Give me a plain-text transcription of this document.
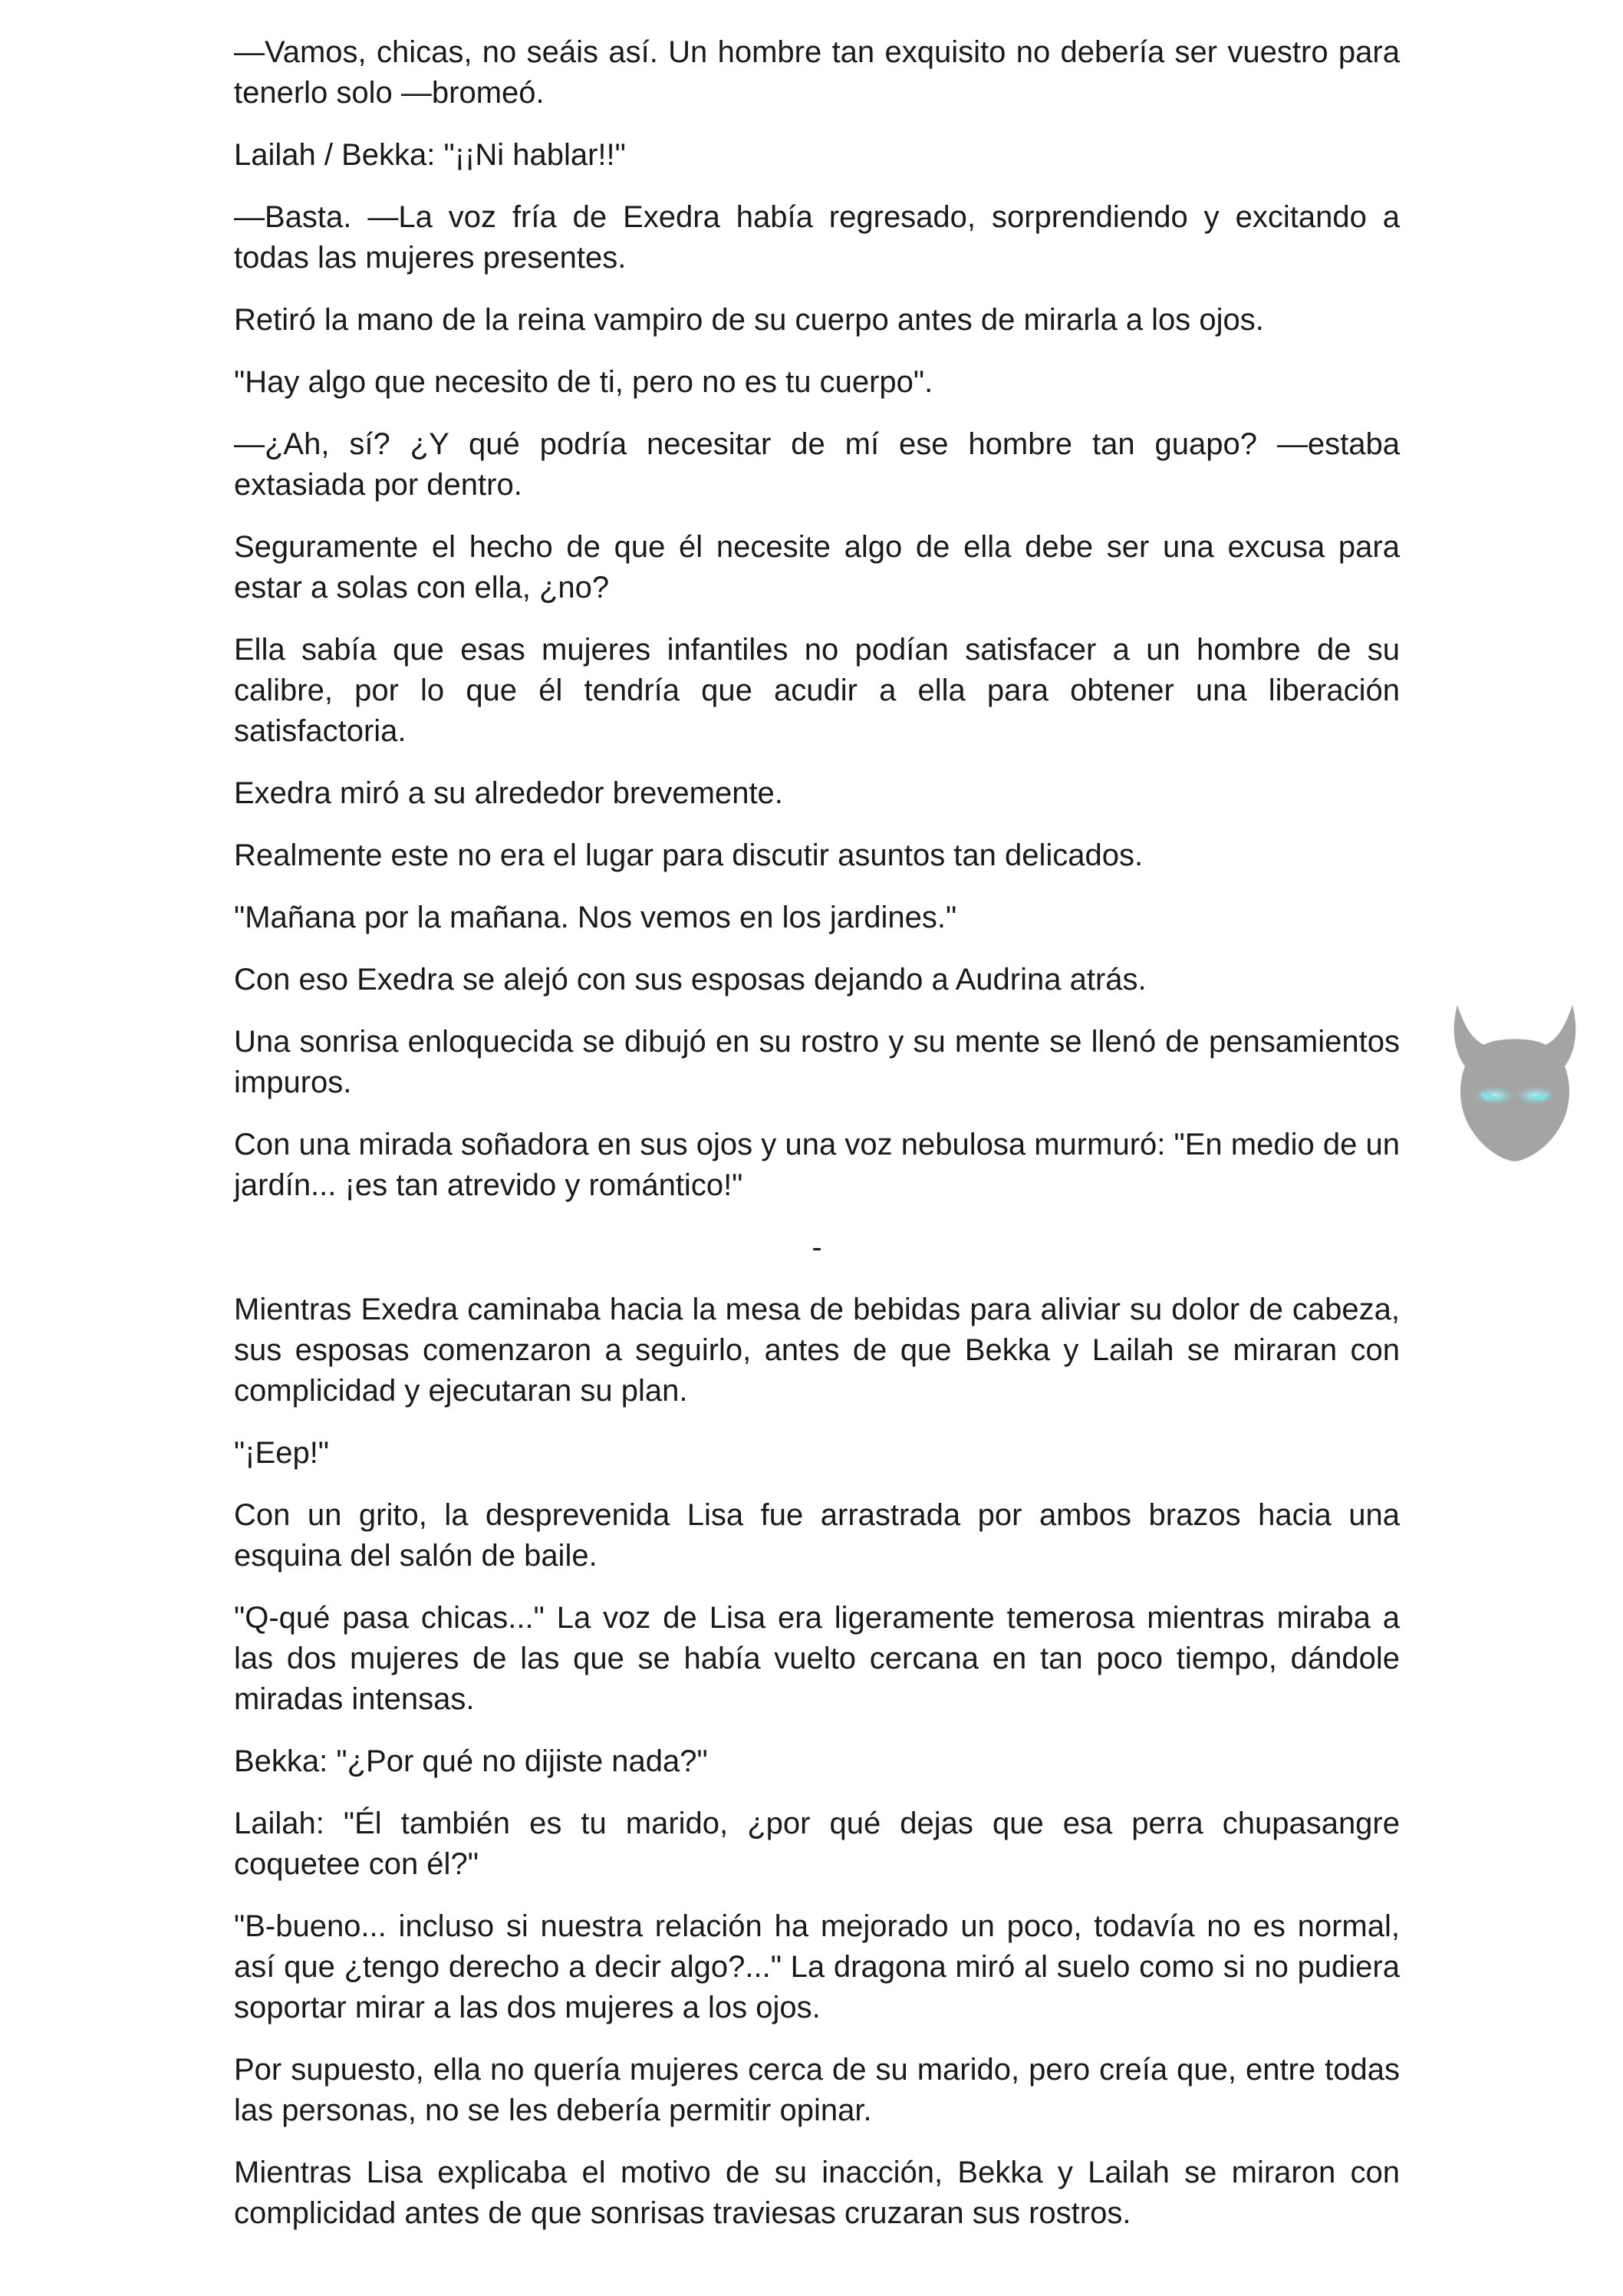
—Vamos, chicas, no seáis así. Un hombre tan exquisito no debería ser vuestro para tenerlo solo —bromeó.

Lailah / Bekka: "¡¡Ni hablar!!"

—Basta. —La voz fría de Exedra había regresado, sorprendiendo y excitando a todas las mujeres presentes.

Retiró la mano de la reina vampiro de su cuerpo antes de mirarla a los ojos.

"Hay algo que necesito de ti, pero no es tu cuerpo".

—¿Ah, sí? ¿Y qué podría necesitar de mí ese hombre tan guapo? —estaba extasiada por dentro.

Seguramente el hecho de que él necesite algo de ella debe ser una excusa para estar a solas con ella, ¿no?

Ella sabía que esas mujeres infantiles no podían satisfacer a un hombre de su calibre, por lo que él tendría que acudir a ella para obtener una liberación satisfactoria.

Exedra miró a su alrededor brevemente.

Realmente este no era el lugar para discutir asuntos tan delicados.

"Mañana por la mañana. Nos vemos en los jardines."

Con eso Exedra se alejó con sus esposas dejando a Audrina atrás.

Una sonrisa enloquecida se dibujó en su rostro y su mente se llenó de pensamientos impuros.

Con una mirada soñadora en sus ojos y una voz nebulosa murmuró: "En medio de un jardín... ¡es tan atrevido y romántico!"

-

Mientras Exedra caminaba hacia la mesa de bebidas para aliviar su dolor de cabeza, sus esposas comenzaron a seguirlo, antes de que Bekka y Lailah se miraran con complicidad y ejecutaran su plan.

"¡Eep!"

Con un grito, la desprevenida Lisa fue arrastrada por ambos brazos hacia una esquina del salón de baile.

"Q-qué pasa chicas..." La voz de Lisa era ligeramente temerosa mientras miraba a las dos mujeres de las que se había vuelto cercana en tan poco tiempo, dándole miradas intensas.

Bekka: "¿Por qué no dijiste nada?"

Lailah: "Él también es tu marido, ¿por qué dejas que esa perra chupasangre coquetee con él?"

"B-bueno... incluso si nuestra relación ha mejorado un poco, todavía no es normal, así que ¿tengo derecho a decir algo?..." La dragona miró al suelo como si no pudiera soportar mirar a las dos mujeres a los ojos.

Por supuesto, ella no quería mujeres cerca de su marido, pero creía que, entre todas las personas, no se les debería permitir opinar.

Mientras Lisa explicaba el motivo de su inacción, Bekka y Lailah se miraron con complicidad antes de que sonrisas traviesas cruzaran sus rostros.
